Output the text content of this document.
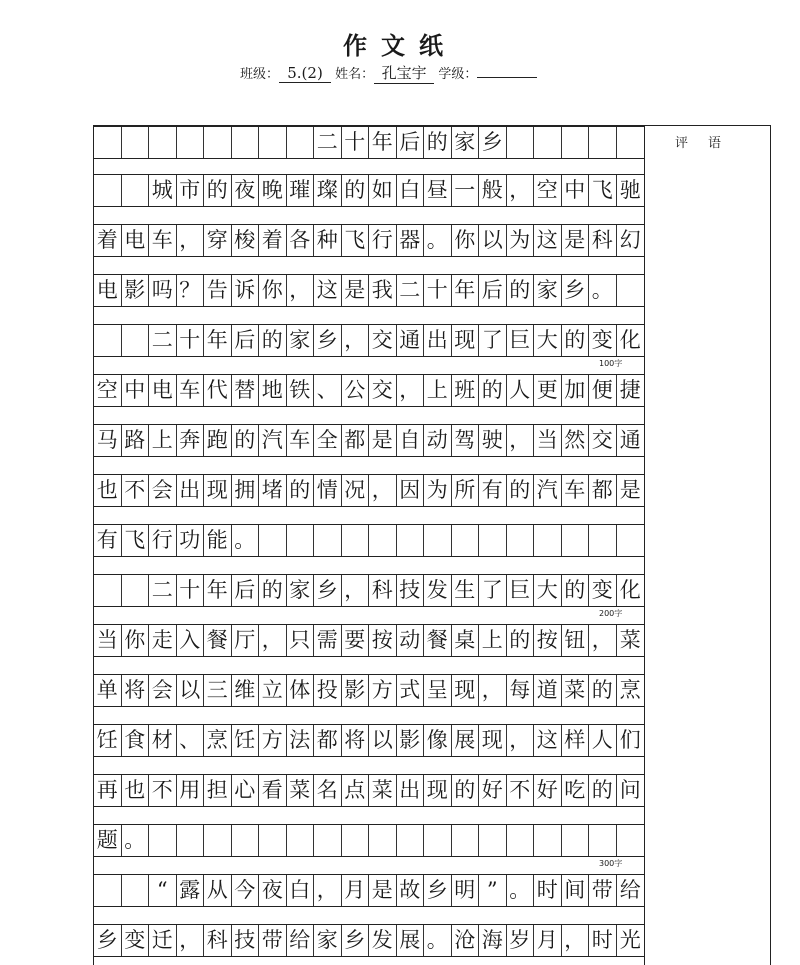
作文纸
班级： 5.(2) 姓名： 孔宝宇 学级：
二 十 年 后 的 家 乡
城 市 的 夜 晚 璀 璨 的 如 白 昼 一 般 ， 空 中 飞 驰
着 电 车 ， 穿 梭 着 各 种 飞 行 器 。 你 以 为 这 是 科 幻
电 影 吗 ？ 告 诉 你 ， 这 是 我 二 十 年 后 的 家 乡 。
二 十 年 后 的 家 乡 ， 交 通 出 现 了 巨 大 的 变 化
空 中 电 车 代 替 地 铁 、 公 交 ， 上 班 的 人 更 加 便 捷
马 路 上 奔 跑 的 汽 车 全 都 是 自 动 驾 驶 ， 当 然 交 通
也 不 会 出 现 拥 堵 的 情 况 ， 因 为 所 有 的 汽 车 都 是
有 飞 行 功 能 。
二 十 年 后 的 家 乡 ， 科 技 发 生 了 巨 大 的 变 化
当 你 走 入 餐 厅 ， 只 需 要 按 动 餐 桌 上 的 按 钮 ， 菜
单 将 会 以 三 维 立 体 投 影 方 式 呈 现 ， 每 道 菜 的 烹
饪 食 材 、 烹 饪 方 法 都 将 以 影 像 展 现 ， 这 样 人 们
再 也 不 用 担 心 看 菜 名 点 菜 出 现 的 好 不 好 吃 的 问
题 。
“ 露 从 今 夜 白 ， 月 是 故 乡 明 ” 。 时 间 带 给
乡 变 迁 ， 科 技 带 给 家 乡 发 展 。 沧 海 岁 月 ， 时 光
100字
200字
300字
评语
